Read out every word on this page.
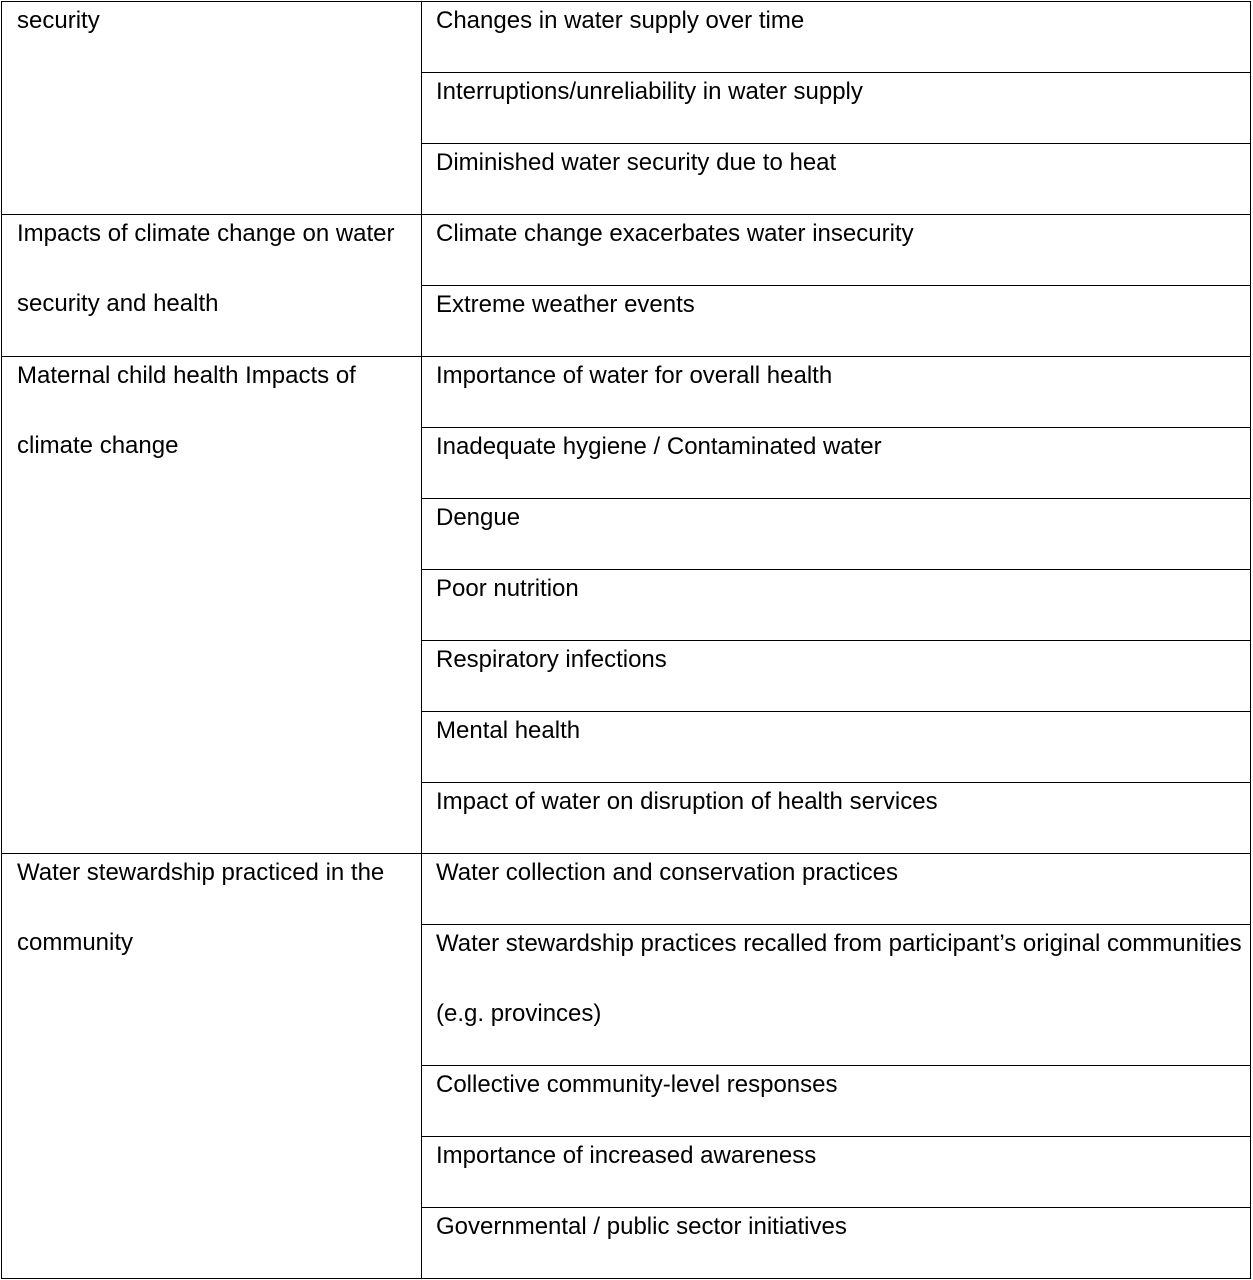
security	Changes in water supply over time

	Interruptions/unreliability in water supply

	Diminished water security due to heat

Impacts of climate change on water security and health	Climate change exacerbates water insecurity

	Extreme weather events

Maternal child health Impacts of climate change	Importance of water for overall health

	Inadequate hygiene / Contaminated water

	Dengue

	Poor nutrition

	Respiratory infections

	Mental health

	Impact of water on disruption of health services

Water stewardship practiced in the community	Water collection and conservation practices

	Water stewardship practices recalled from participant’s original communities (e.g. provinces)

	Collective community-level responses

	Importance of increased awareness

	Governmental / public sector initiatives
